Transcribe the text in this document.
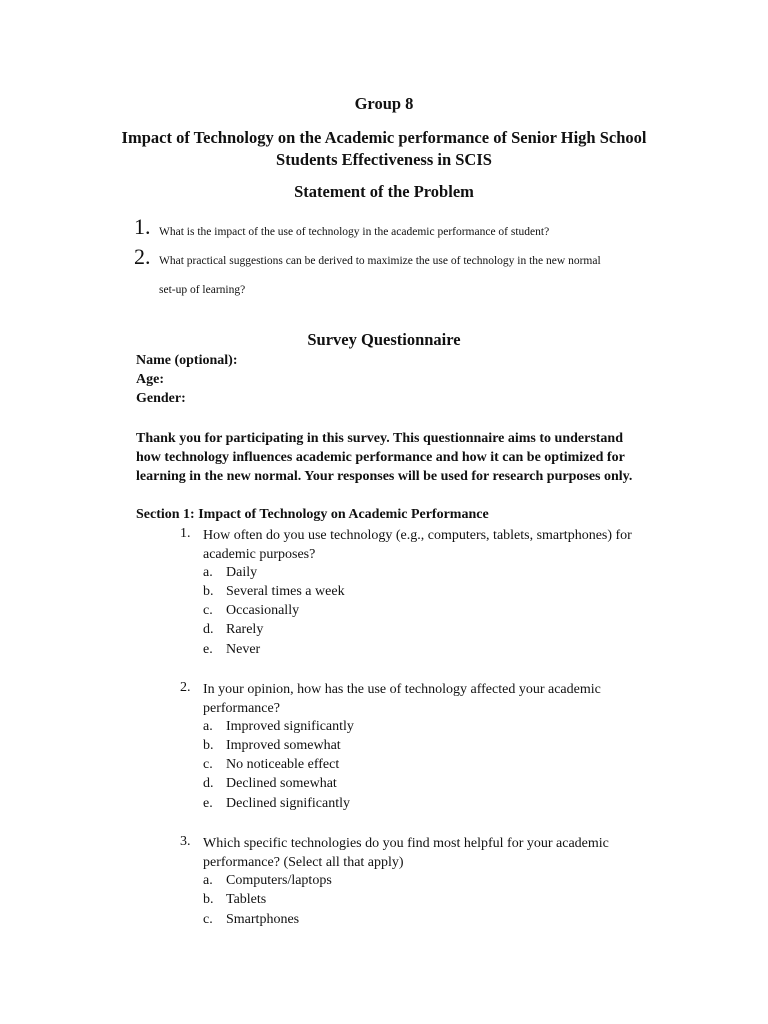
Group 8
Impact of Technology on the Academic performance of Senior High School
Students Effectiveness in SCIS
Statement of the Problem
1. What is the impact of the use of technology in the academic performance of student?
2. What practical suggestions can be derived to maximize the use of technology in the new normal
set-up of learning?
Survey Questionnaire
Name (optional):
Age:
Gender:
Thank you for participating in this survey. This questionnaire aims to understand
how technology influences academic performance and how it can be optimized for
learning in the new normal. Your responses will be used for research purposes only.
Section 1: Impact of Technology on Academic Performance
1. How often do you use technology (e.g., computers, tablets, smartphones) for
academic purposes?
a. Daily
b. Several times a week
c. Occasionally
d. Rarely
e. Never
2. In your opinion, how has the use of technology affected your academic
performance?
a. Improved significantly
b. Improved somewhat
c. No noticeable effect
d. Declined somewhat
e. Declined significantly
3. Which specific technologies do you find most helpful for your academic
performance? (Select all that apply)
a. Computers/laptops
b. Tablets
c. Smartphones
